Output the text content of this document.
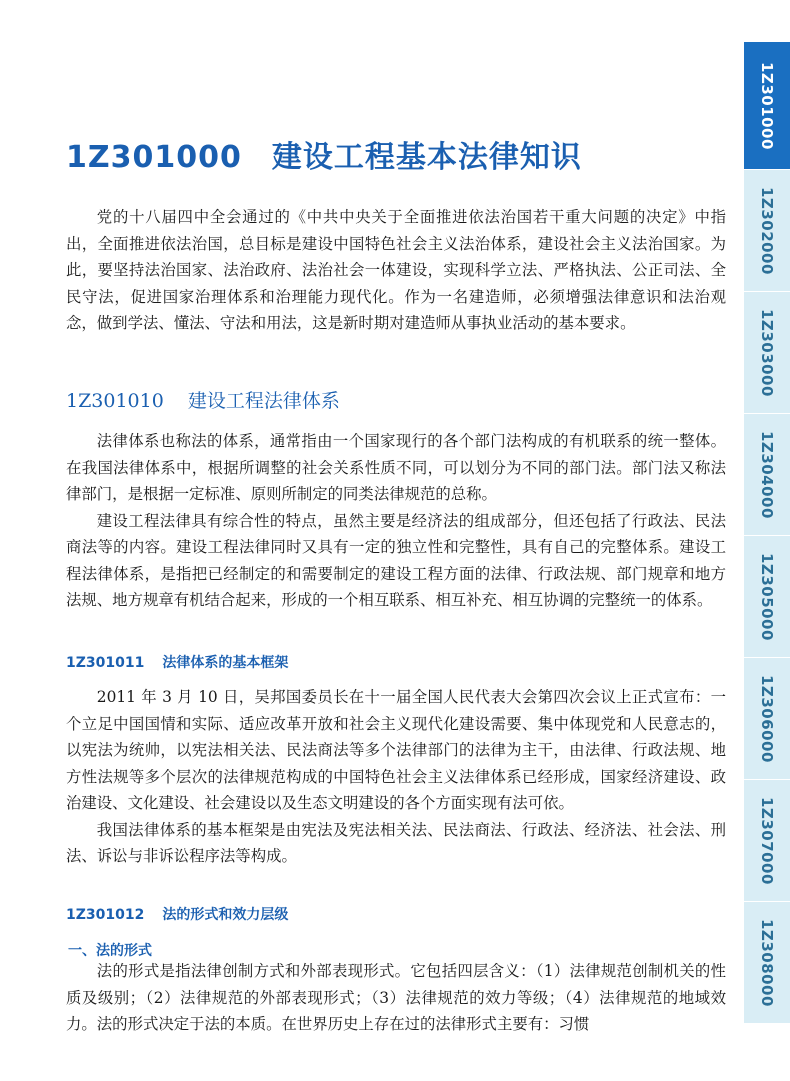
1Z301000 建设工程基本法律知识

党的十八届四中全会通过的《中共中央关于全面推进依法治国若干重大问题的决定》中指出，全面推进依法治国，总目标是建设中国特色社会主义法治体系，建设社会主义法治国家。为此，要坚持法治国家、法治政府、法治社会一体建设，实现科学立法、严格执法、公正司法、全民守法，促进国家治理体系和治理能力现代化。作为一名建造师，必须增强法律意识和法治观念，做到学法、懂法、守法和用法，这是新时期对建造师从事执业活动的基本要求。

1Z301010 建设工程法律体系

法律体系也称法的体系，通常指由一个国家现行的各个部门法构成的有机联系的统一整体。在我国法律体系中，根据所调整的社会关系性质不同，可以划分为不同的部门法。部门法又称法律部门，是根据一定标准、原则所制定的同类法律规范的总称。

建设工程法律具有综合性的特点，虽然主要是经济法的组成部分，但还包括了行政法、民法商法等的内容。建设工程法律同时又具有一定的独立性和完整性，具有自己的完整体系。建设工程法律体系，是指把已经制定的和需要制定的建设工程方面的法律、行政法规、部门规章和地方法规、地方规章有机结合起来，形成的一个相互联系、相互补充、相互协调的完整统一的体系。

1Z301011 法律体系的基本框架

2011 年 3 月 10 日，吴邦国委员长在十一届全国人民代表大会第四次会议上正式宣布：一个立足中国国情和实际、适应改革开放和社会主义现代化建设需要、集中体现党和人民意志的，以宪法为统帅，以宪法相关法、民法商法等多个法律部门的法律为主干，由法律、行政法规、地方性法规等多个层次的法律规范构成的中国特色社会主义法律体系已经形成，国家经济建设、政治建设、文化建设、社会建设以及生态文明建设的各个方面实现有法可依。

我国法律体系的基本框架是由宪法及宪法相关法、民法商法、行政法、经济法、社会法、刑法、诉讼与非诉讼程序法等构成。

1Z301012 法的形式和效力层级
一、法的形式

法的形式是指法律创制方式和外部表现形式。它包括四层含义：（1）法律规范创制机关的性质及级别；（2）法律规范的外部表现形式；（3）法律规范的效力等级；（4）法律规范的地域效力。法的形式决定于法的本质。在世界历史上存在过的法律形式主要有：习惯

1Z301000
1Z302000
1Z303000
1Z304000
1Z305000
1Z306000
1Z307000
1Z308000
